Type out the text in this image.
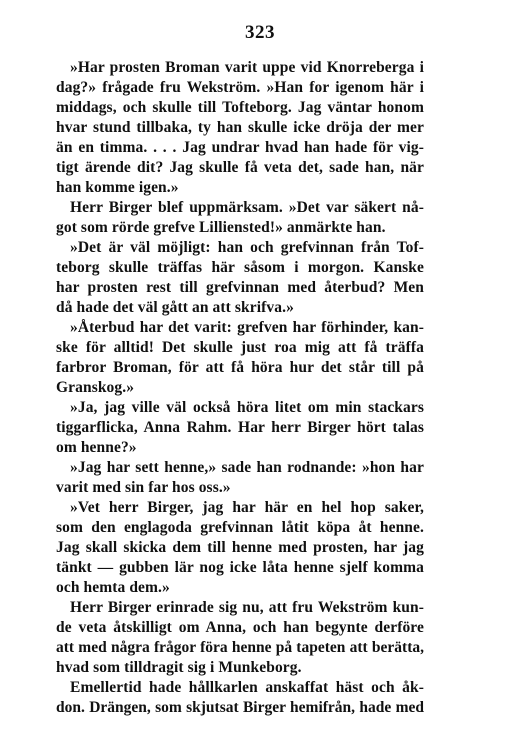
323
»Har prosten Broman varit uppe vid Knorreberga i
dag?» frågade fru Wekström. »Han for igenom här i
middags, och skulle till Tofteborg. Jag väntar honom
hvar stund tillbaka, ty han skulle icke dröja der mer
än en timma. . . . Jag undrar hvad han hade för vig-
tigt ärende dit? Jag skulle få veta det, sade han, när
han komme igen.»
Herr Birger blef uppmärksam. »Det var säkert nå-
got som rörde grefve Lilliensted!» anmärkte han.
»Det är väl möjligt: han och grefvinnan från Tof-
teborg skulle träffas här såsom i morgon. Kanske
har prosten rest till grefvinnan med återbud? Men
då hade det väl gått an att skrifva.»
»Återbud har det varit: grefven har förhinder, kan-
ske för alltid! Det skulle just roa mig att få träffa
farbror Broman, för att få höra hur det står till på
Granskog.»
»Ja, jag ville väl också höra litet om min stackars
tiggarflicka, Anna Rahm. Har herr Birger hört talas
om henne?»
»Jag har sett henne,» sade han rodnande: »hon har
varit med sin far hos oss.»
»Vet herr Birger, jag har här en hel hop saker,
som den englagoda grefvinnan låtit köpa åt henne.
Jag skall skicka dem till henne med prosten, har jag
tänkt — gubben lär nog icke låta henne sjelf komma
och hemta dem.»
Herr Birger erinrade sig nu, att fru Wekström kun-
de veta åtskilligt om Anna, och han begynte derföre
att med några frågor föra henne på tapeten att berätta,
hvad som tilldragit sig i Munkeborg.
Emellertid hade hållkarlen anskaffat häst och åk-
don. Drängen, som skjutsat Birger hemifrån, hade med
